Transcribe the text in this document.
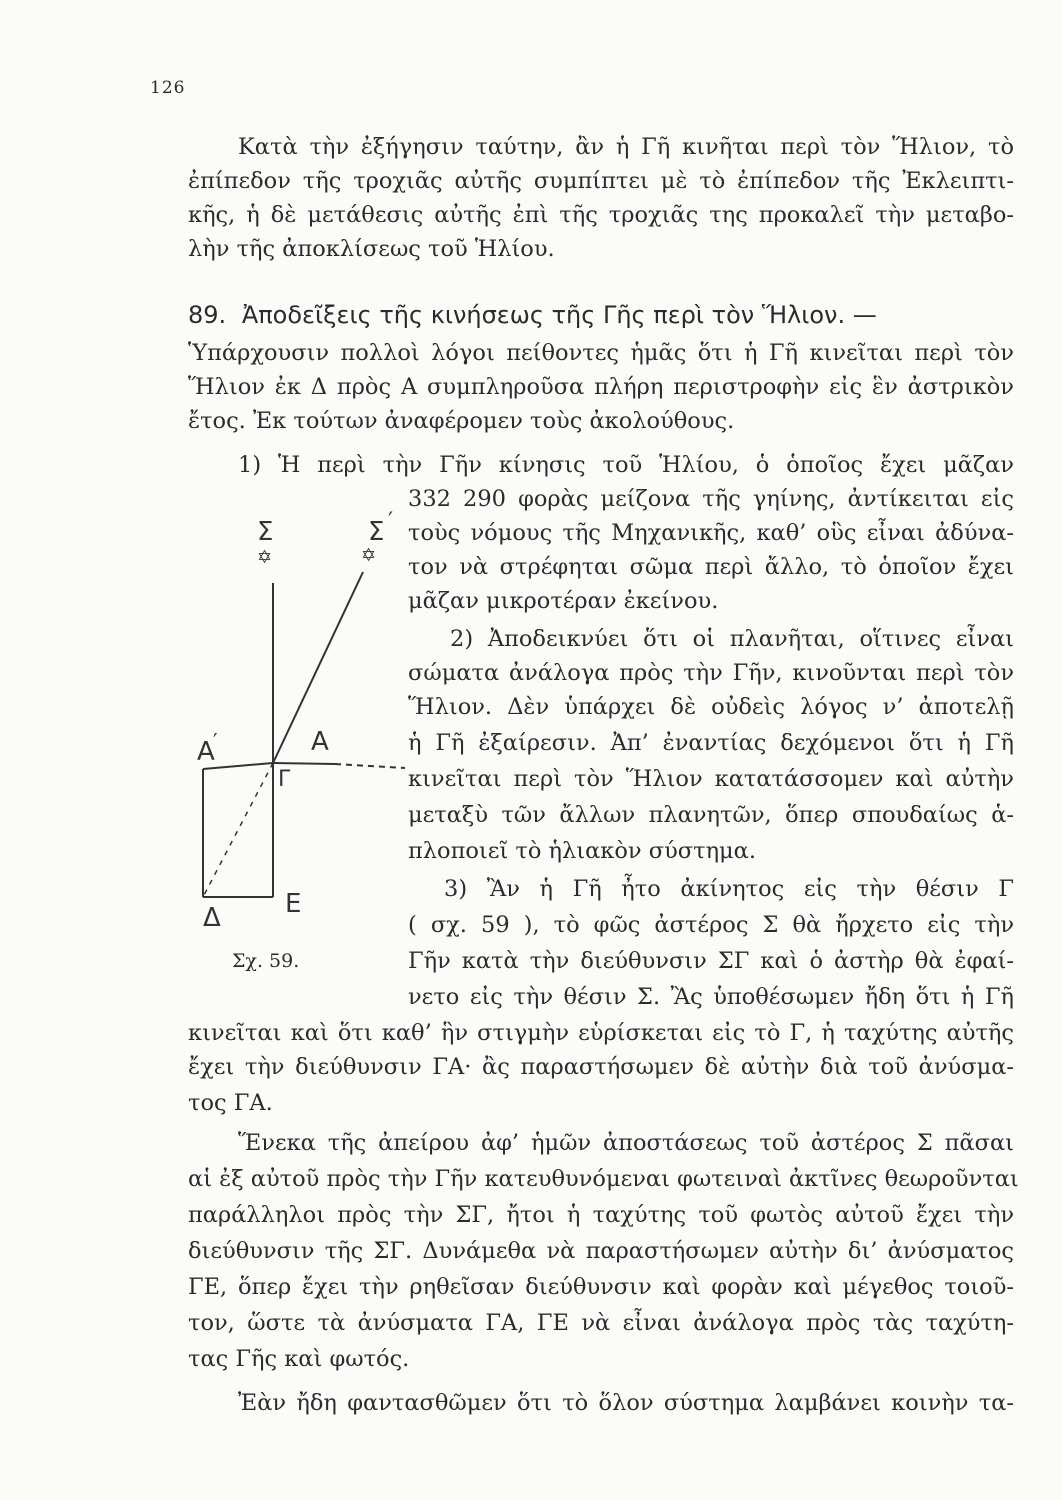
126
Κατὰ τὴν ἐξήγησιν ταύτην, ἂν ἡ Γῆ κινῆται περὶ τὸν Ἥλιον, τὸ
ἐπίπεδον τῆς τροχιᾶς αὐτῆς συμπίπτει μὲ τὸ ἐπίπεδον τῆς Ἐκλειπτι-
κῆς, ἡ δὲ μετάθεσις αὐτῆς ἐπὶ τῆς τροχιᾶς της προκαλεῖ τὴν μεταβο-
λὴν τῆς ἀποκλίσεως τοῦ Ἡλίου.
89. Ἀποδεῖξεις τῆς κινήσεως τῆς Γῆς περὶ τὸν Ἥλιον. —
Ὑπάρχουσιν πολλοὶ λόγοι πείθοντες ἡμᾶς ὅτι ἡ Γῆ κινεῖται περὶ τὸν
Ἥλιον ἐκ Δ πρὸς Α συμπληροῦσα πλήρη περιστροφὴν εἰς ἓν ἀστρικὸν
ἔτος. Ἐκ τούτων ἀναφέρομεν τοὺς ἀκολούθους.
1) Ἡ περὶ τὴν Γῆν κίνησις τοῦ Ἡλίου, ὁ ὁποῖος ἔχει μᾶζαν
332 290 φορὰς μείζονα τῆς γηίνης, ἀντίκειται εἰς
τοὺς νόμους τῆς Μηχανικῆς, καθ’ οὓς εἶναι ἀδύνα-
τον νὰ στρέφηται σῶμα περὶ ἄλλο, τὸ ὁποῖον ἔχει
μᾶζαν μικροτέραν ἐκείνου.
2) Ἀποδεικνύει ὅτι οἱ πλανῆται, οἵτινες εἶναι
σώματα ἀνάλογα πρὸς τὴν Γῆν, κινοῦνται περὶ τὸν
Ἥλιον. Δὲν ὑπάρχει δὲ οὐδεὶς λόγος ν’ ἀποτελῇ
ἡ Γῆ ἐξαίρεσιν. Ἀπ’ ἐναντίας δεχόμενοι ὅτι ἡ Γῆ
κινεῖται περὶ τὸν Ἥλιον κατατάσσομεν καὶ αὐτὴν
μεταξὺ τῶν ἄλλων πλανητῶν, ὅπερ σπουδαίως ἁ-
πλοποιεῖ τὸ ἡλιακὸν σύστημα.
3) Ἂν ἡ Γῆ ἦτο ἀκίνητος εἰς τὴν θέσιν Γ
( σχ. 59 ), τὸ φῶς ἀστέρος Σ θὰ ἤρχετο εἰς τὴν
Γῆν κατὰ τὴν διεύθυνσιν ΣΓ καὶ ὁ ἀστὴρ θὰ ἐφαί-
νετο εἰς τὴν θέσιν Σ. Ἂς ὑποθέσωμεν ἤδη ὅτι ἡ Γῆ
κινεῖται καὶ ὅτι καθ’ ἣν στιγμὴν εὑρίσκεται εἰς τὸ Γ, ἡ ταχύτης αὐτῆς
ἔχει τὴν διεύθυνσιν ΓΑ· ἂς παραστήσωμεν δὲ αὐτὴν διὰ τοῦ ἀνύσμα-
τος ΓΑ.
Ἕνεκα τῆς ἀπείρου ἀφ’ ἡμῶν ἀποστάσεως τοῦ ἀστέρος Σ πᾶσαι
αἱ ἐξ αὐτοῦ πρὸς τὴν Γῆν κατευθυνόμεναι φωτειναὶ ἀκτῖνες θεωροῦνται
παράλληλοι πρὸς τὴν ΣΓ, ἤτοι ἡ ταχύτης τοῦ φωτὸς αὐτοῦ ἔχει τὴν
διεύθυνσιν τῆς ΣΓ. Δυνάμεθα νὰ παραστήσωμεν αὐτὴν δι’ ἀνύσματος
ΓΕ, ὅπερ ἔχει τὴν ρηθεῖσαν διεύθυνσιν καὶ φορὰν καὶ μέγεθος τοιοῦ-
τον, ὥστε τὰ ἀνύσματα ΓΑ, ΓΕ νὰ εἶναι ἀνάλογα πρὸς τὰς ταχύτη-
τας Γῆς καὶ φωτός.
Ἐὰν ἤδη φαντασθῶμεν ὅτι τὸ ὅλον σύστημα λαμβάνει κοινὴν τα-
Σ
✡
Σ ′
✡
Α
Α
′
Γ
Δ Ε
Σχ. 59.
